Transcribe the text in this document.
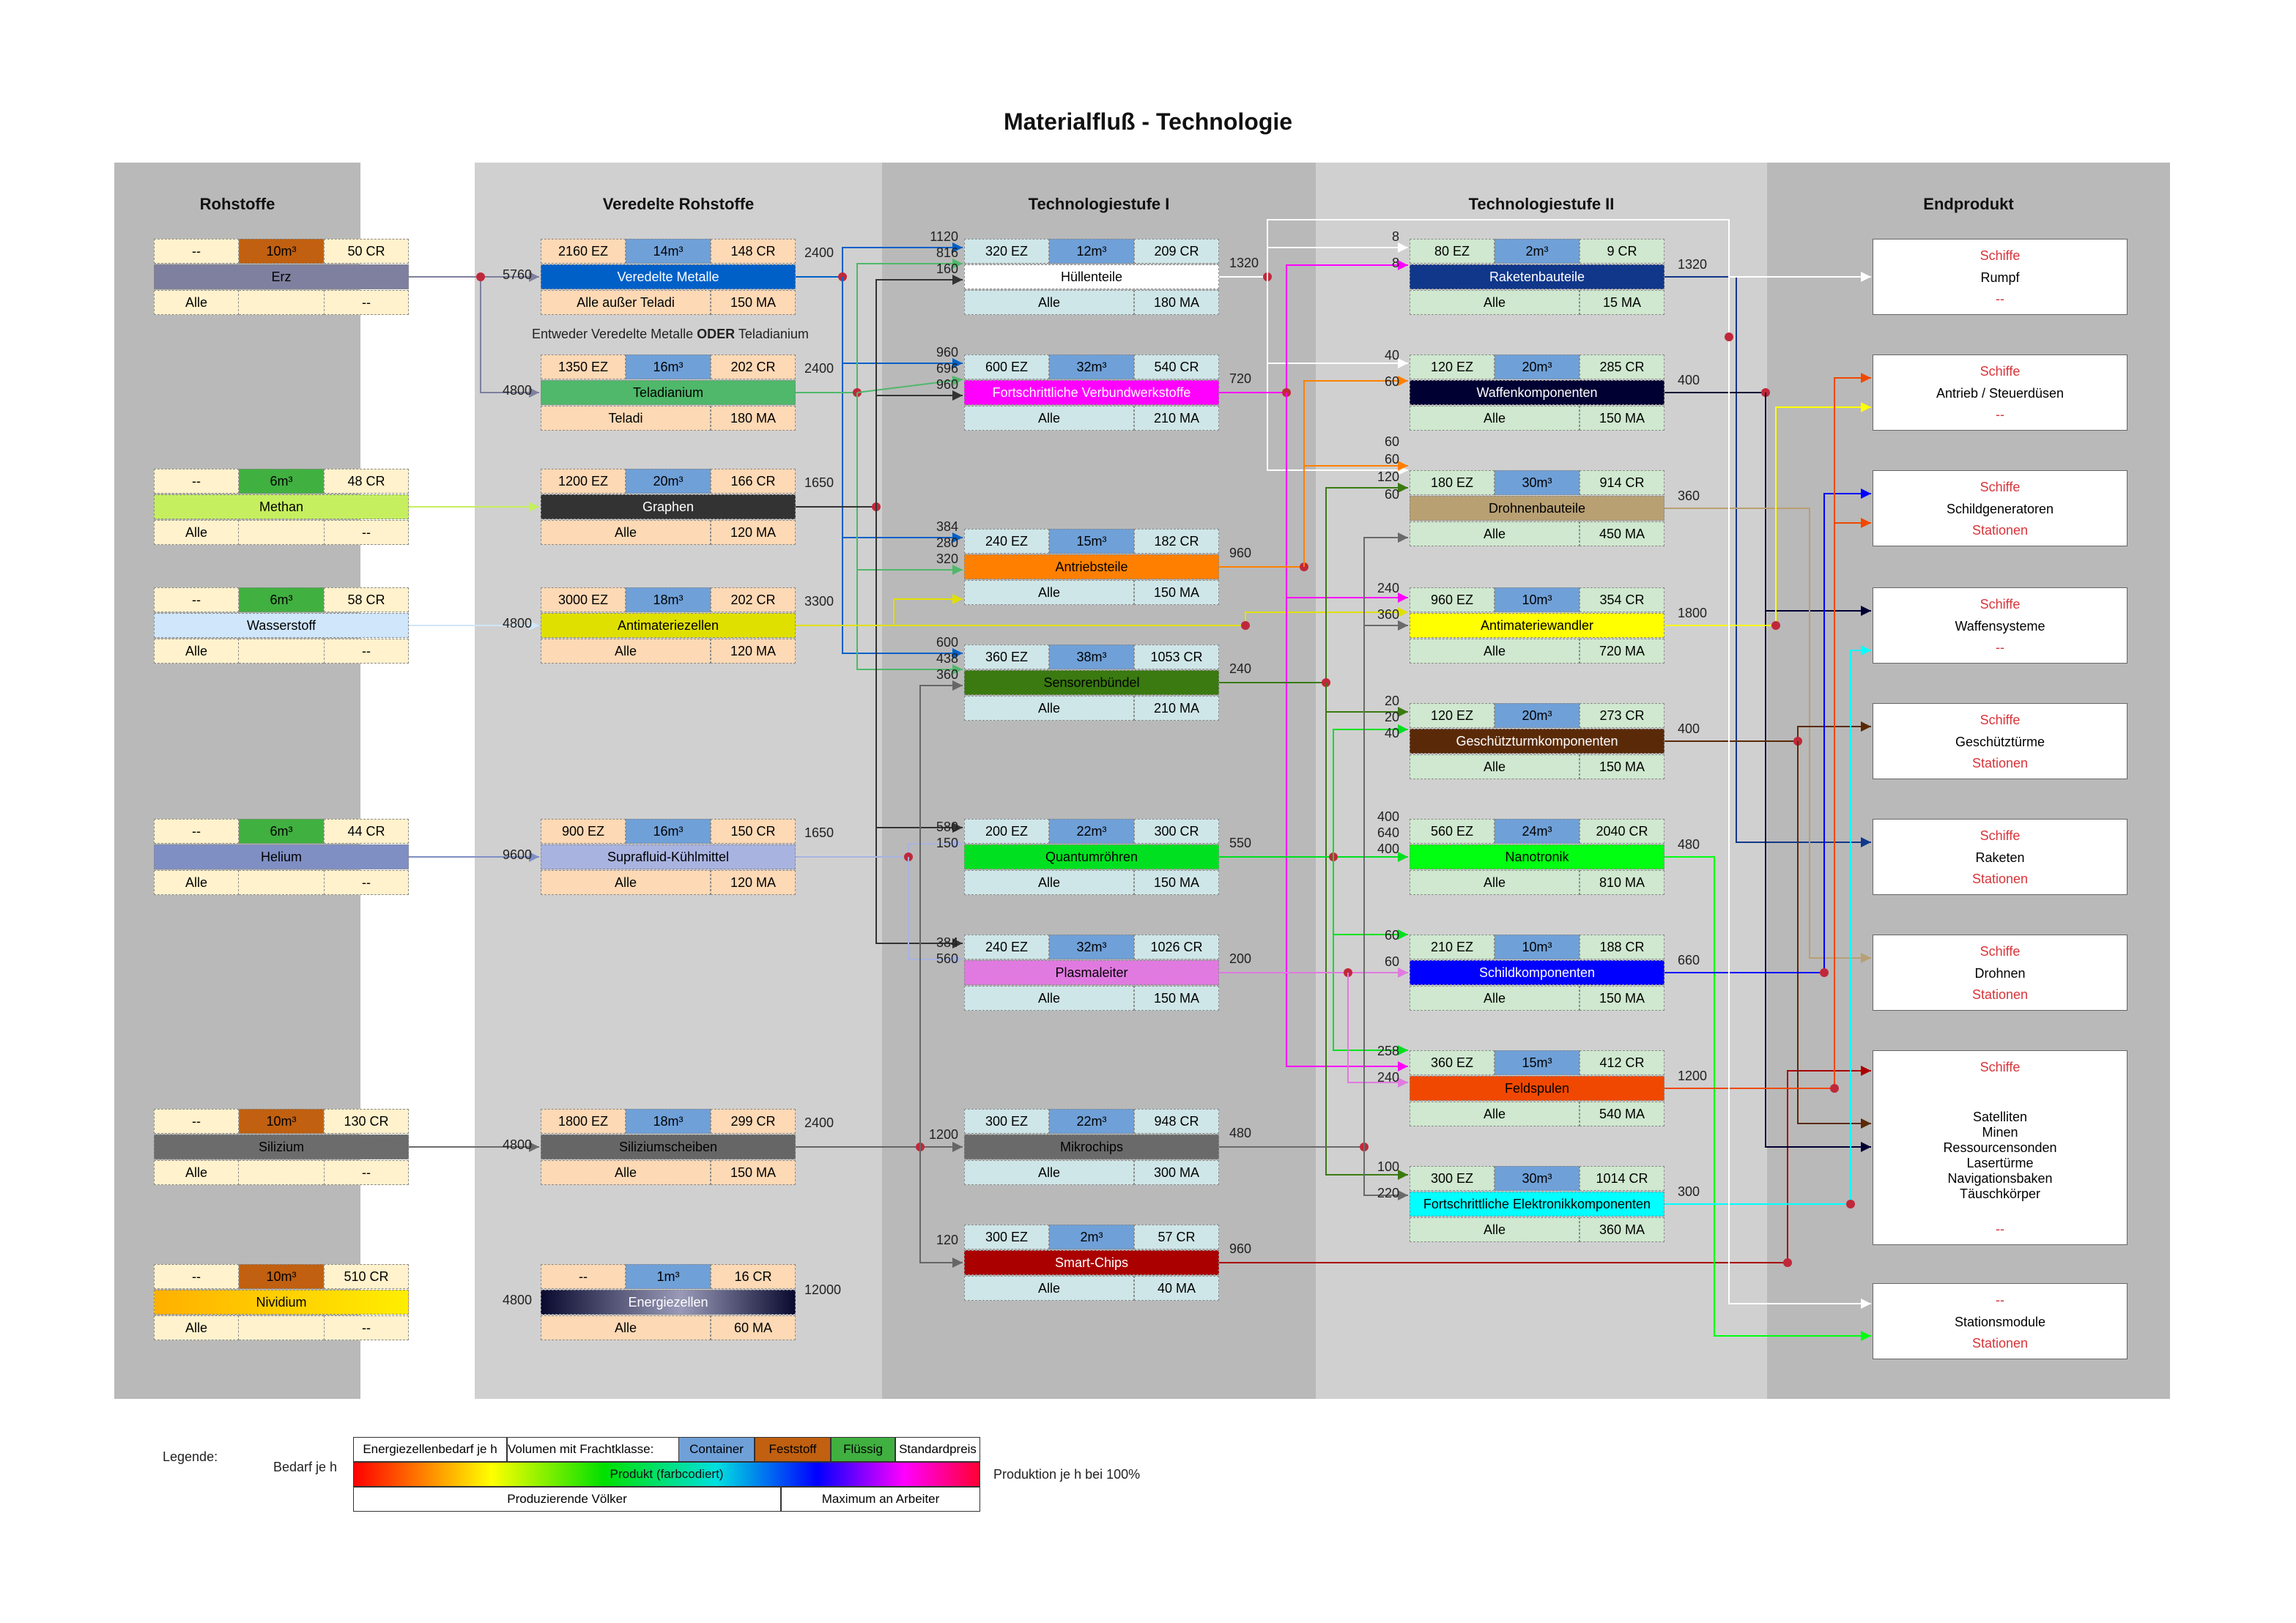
Materialfluß - Technologie
Rohstoffe	Veredelte Rohstoffe	Technologiestufe I	Technologiestufe II	Endprodukt
--	10m³	50 CR
Erz
Alle	--
--	6m³	48 CR
Methan
Alle	--
--	6m³	58 CR
Wasserstoff
Alle	--
--	6m³	44 CR
Helium
Alle	--
--	10m³	130 CR
Silizium
Alle	--
--	10m³	510 CR
Nividium
Alle	--
2160 EZ	14m³	148 CR
Veredelte Metalle
Alle außer Teladi	150 MA
1350 EZ	16m³	202 CR
Teladianium
Teladi	180 MA
1200 EZ	20m³	166 CR
Graphen
Alle	120 MA
3000 EZ	18m³	202 CR
Antimateriezellen
Alle	120 MA
900 EZ	16m³	150 CR
Suprafluid-Kühlmittel
Alle	120 MA
1800 EZ	18m³	299 CR
Siliziumscheiben
Alle	150 MA
--	1m³	16 CR
Energiezellen
Alle	60 MA
320 EZ	12m³	209 CR
Hüllenteile
Alle	180 MA
600 EZ	32m³	540 CR
Fortschrittliche Verbundwerkstoffe
Alle	210 MA
240 EZ	15m³	182 CR
Antriebsteile
Alle	150 MA
360 EZ	38m³	1053 CR
Sensorenbündel
Alle	210 MA
200 EZ	22m³	300 CR
Quantumröhren
Alle	150 MA
240 EZ	32m³	1026 CR
Plasmaleiter
Alle	150 MA
300 EZ	22m³	948 CR
Mikrochips
Alle	300 MA
300 EZ	2m³	57 CR
Smart-Chips
Alle	40 MA
80 EZ	2m³	9 CR
Raketenbauteile
Alle	15 MA
120 EZ	20m³	285 CR
Waffenkomponenten
Alle	150 MA
180 EZ	30m³	914 CR
Drohnenbauteile
Alle	450 MA
960 EZ	10m³	354 CR
Antimateriewandler
Alle	720 MA
120 EZ	20m³	273 CR
Geschützturmkomponenten
Alle	150 MA
560 EZ	24m³	2040 CR
Nanotronik
Alle	810 MA
210 EZ	10m³	188 CR
Schildkomponenten
Alle	150 MA
360 EZ	15m³	412 CR
Feldspulen
Alle	540 MA
300 EZ	30m³	1014 CR
Fortschrittliche Elektronikkomponenten
Alle	360 MA
Schiffe
Rumpf
--
Schiffe
Antrieb / Steuerdüsen
--
Schiffe
Schildgeneratoren
Stationen
Schiffe
Waffensysteme
--
Schiffe
Geschütztürme
Stationen
Schiffe
Raketen
Stationen
Schiffe
Drohnen
Stationen
Schiffe
Satelliten
Minen
Ressourcensonden
Lasertürme
Navigationsbaken
Täuschkörper
--
--
Stationsmodule
Stationen
5760
4800
4800
9600
4800
4800
2400
2400
1650
3300
1650
2400
12000
1320
720
960
240
550
200
480
960
1320
400
360
1800
400
480
660
1200
300
1120
816
160
960
696
960
384
280
320
600
438
360
580
150
384
560
1200
120
8
8
40
60
60
60
120
60
240
360
20
20
40
400
640
400
60
60
258
240
100
220
Entweder Veredelte Metalle ODER Teladianium
Legende:
Bedarf je h	Produktion je h bei 100%
Energiezellenbedarf je h Volumen mit Frachtklasse:	Container	Feststoff	Flüssig	Standardpreis
Produkt (farbcodiert)
Produzierende Völker	Maximum an Arbeiter
